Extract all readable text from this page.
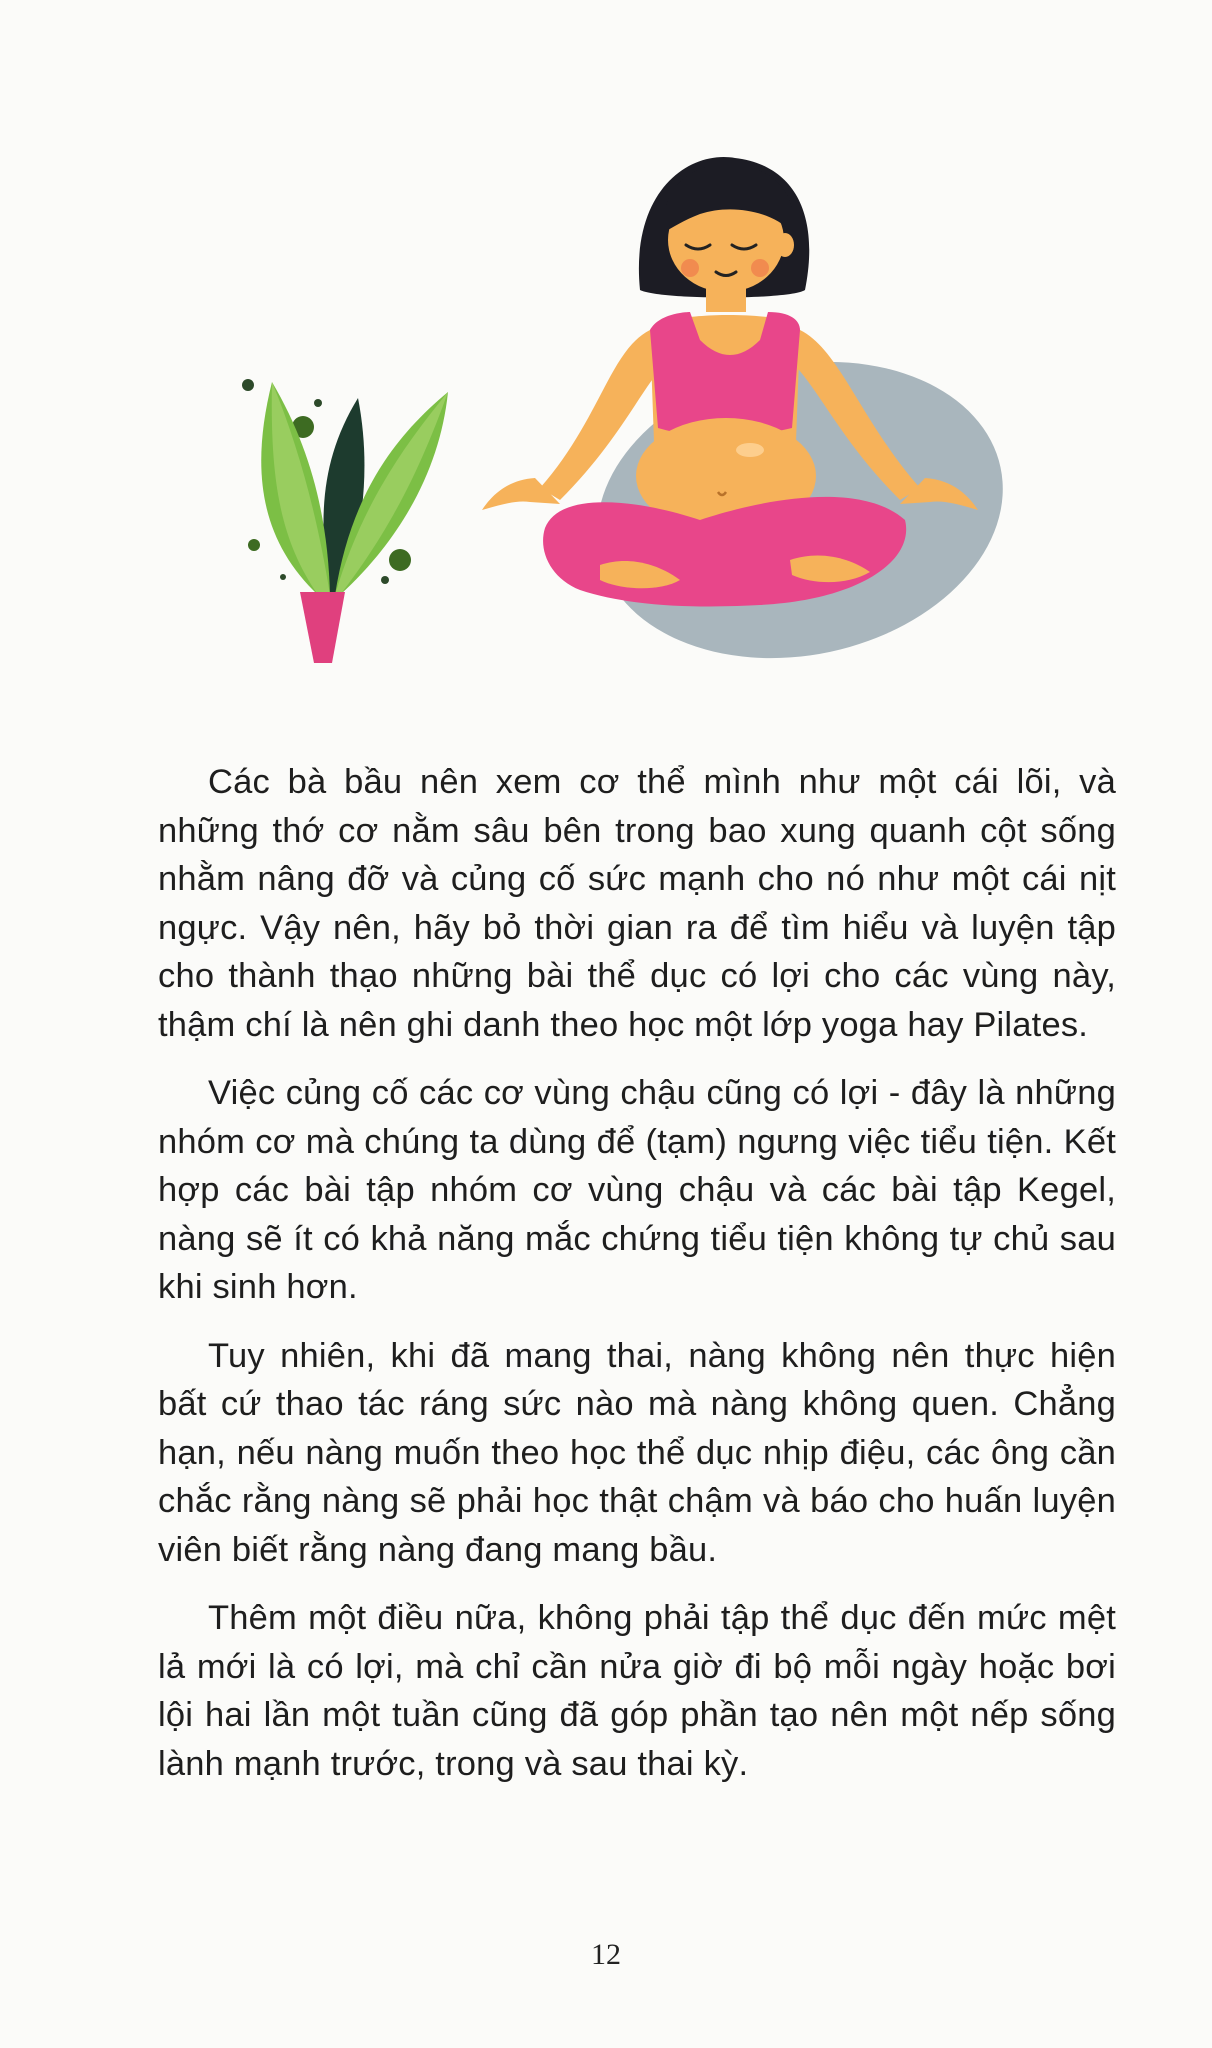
Các bà bầu nên xem cơ thể mình như một cái lõi, và những thớ cơ nằm sâu bên trong bao xung quanh cột sống nhằm nâng đỡ và củng cố sức mạnh cho nó như một cái nịt ngực. Vậy nên, hãy bỏ thời gian ra để tìm hiểu và luyện tập cho thành thạo những bài thể dục có lợi cho các vùng này, thậm chí là nên ghi danh theo học một lớp yoga hay Pilates.

Việc củng cố các cơ vùng chậu cũng có lợi - đây là những nhóm cơ mà chúng ta dùng để (tạm) ngưng việc tiểu tiện. Kết hợp các bài tập nhóm cơ vùng chậu và các bài tập Kegel, nàng sẽ ít có khả năng mắc chứng tiểu tiện không tự chủ sau khi sinh hơn.

Tuy nhiên, khi đã mang thai, nàng không nên thực hiện bất cứ thao tác ráng sức nào mà nàng không quen. Chẳng hạn, nếu nàng muốn theo học thể dục nhịp điệu, các ông cần chắc rằng nàng sẽ phải học thật chậm và báo cho huấn luyện viên biết rằng nàng đang mang bầu.

Thêm một điều nữa, không phải tập thể dục đến mức mệt lả mới là có lợi, mà chỉ cần nửa giờ đi bộ mỗi ngày hoặc bơi lội hai lần một tuần cũng đã góp phần tạo nên một nếp sống lành mạnh trước, trong và sau thai kỳ.

12
